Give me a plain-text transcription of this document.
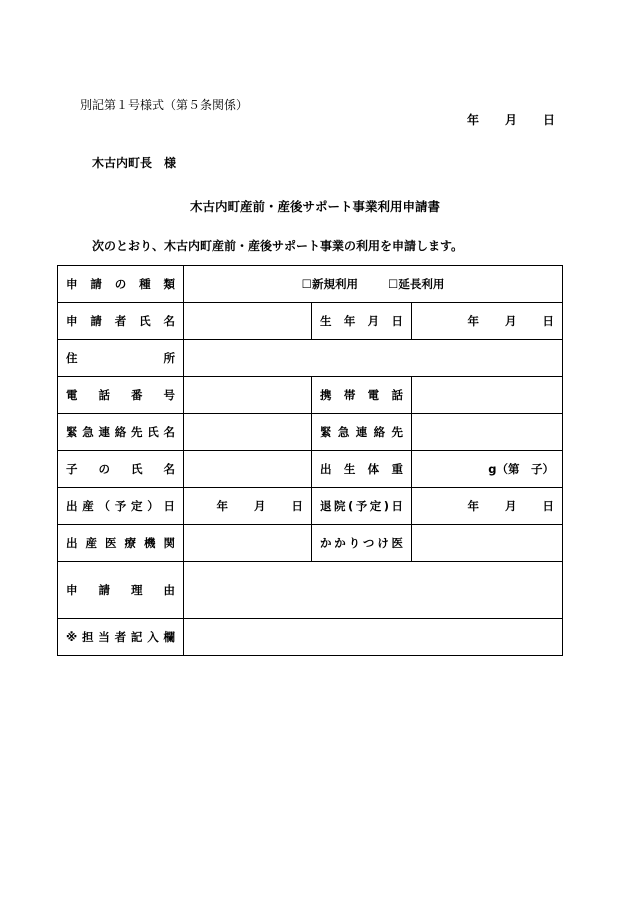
別記第１号様式（第５条関係）
年 月 日
木古内町長　様
木古内町産前・産後サポート事業利用申請書
次のとおり、木古内町産前・産後サポート事業の利用を申請します。
申請の種類	☐新規利用 ☐延長利用		
申請者氏名		生年月日	年 月 日
住所			
電話番号		携帯電話	
緊急連絡先氏名		緊急連絡先	
子の氏名		出生体重	g（第　子）
出産（予定）日	年 月 日	退院(予定)日	年 月 日
出産医療機関		かかりつけ医	
申請理由			
※担当者記入欄			
